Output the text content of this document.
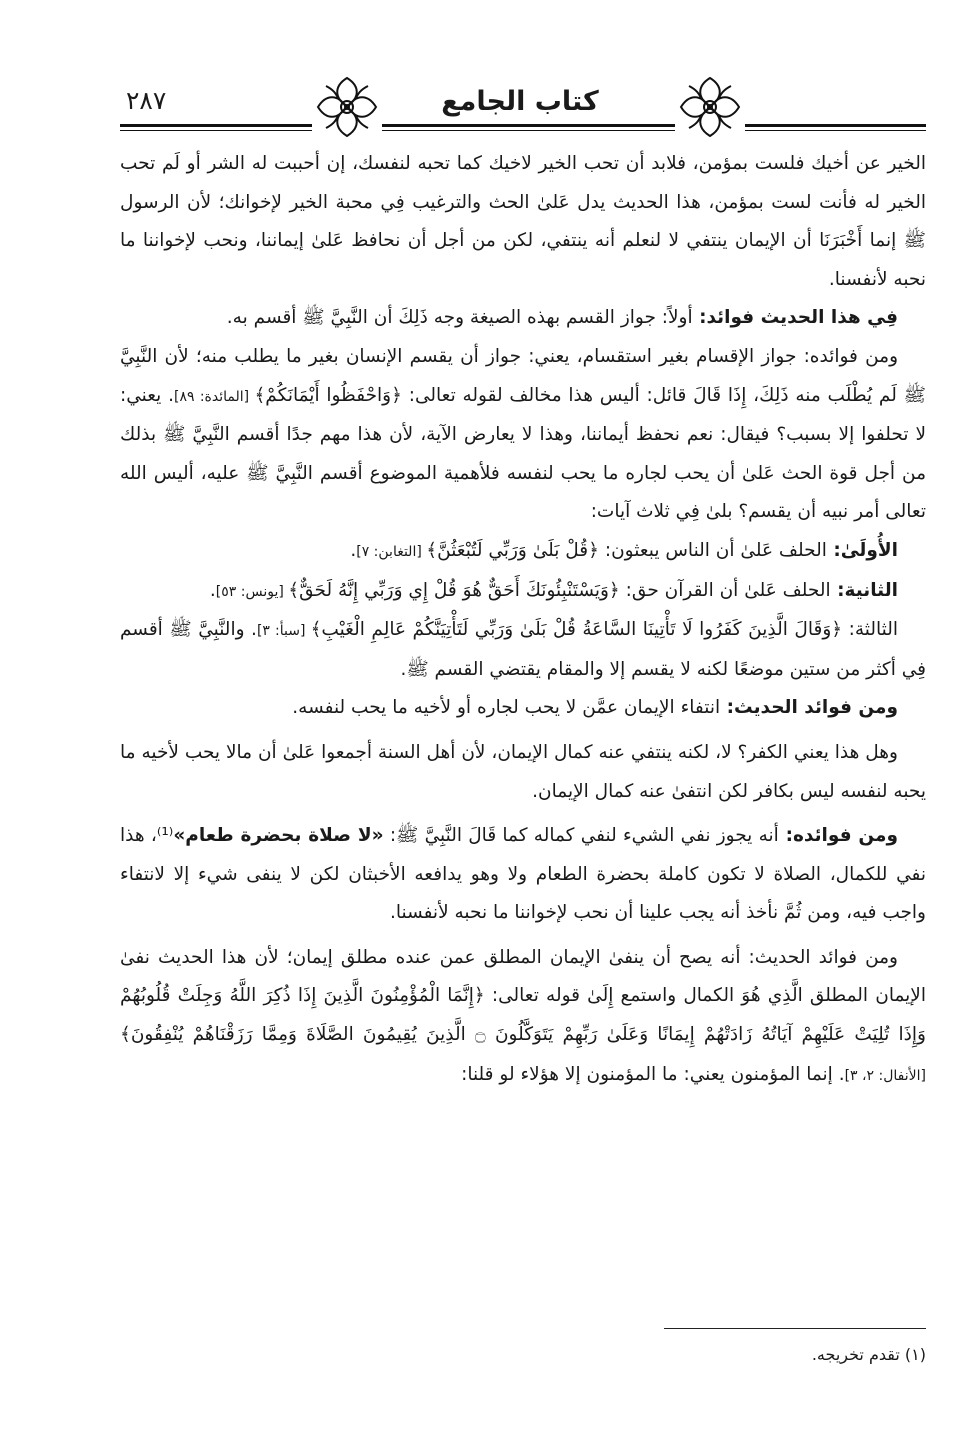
٢٨٧	كتاب الجامع

الخير عن أخيك فلست بمؤمن، فلابد أن تحب الخير لاخيك كما تحبه لنفسك، إن أحببت له الشر أو لَم تحب الخير له فأنت لست بمؤمن، هذا الحديث يدل عَلىٰ الحث والترغيب فِي محبة الخير لإخوانك؛ لأن الرسول ﷺ إنما أَخْبَرَنَا أن الإيمان ينتفي لا لنعلم أنه ينتفي، لكن من أجل أن نحافظ عَلىٰ إيماننا، ونحب لإخواننا ما نحبه لأنفسنا.

فِي هذا الحديث فوائد: أولاً: جواز القسم بهذه الصيغة وجه ذَلِكَ أن النَّبِيَّ ﷺ أقسم به.

ومن فوائده: جواز الإقسام بغير استقسام، يعني: جواز أن يقسم الإنسان بغير ما يطلب منه؛ لأن النَّبِيَّ ﷺ لَم يُطْلَب منه ذَلِكَ، إِذَا قَالَ قائل: أليس هذا مخالف لقوله تعالى: ﴿وَاحْفَظُوا أَيْمَانَكُمْ﴾ [المائدة: ٨٩]. يعني: لا تحلفوا إلا بسبب؟ فيقال: نعم نحفظ أيماننا، وهذا لا يعارض الآية، لأن هذا مهم جدًا أقسم النَّبِيَّ ﷺ بذلك من أجل قوة الحث عَلىٰ أن يحب لجاره ما يحب لنفسه فلأهمية الموضوع أقسم النَّبِيَّ ﷺ عليه، أليس الله تعالى أمر نبيه أن يقسم؟ بلىٰ فِي ثلاث آيات:

الأُولَىٰ: الحلف عَلىٰ أن الناس يبعثون: ﴿قُلْ بَلَىٰ وَرَبِّي لَتُبْعَثُنَّ﴾ [التغابن: ٧].

الثانية: الحلف عَلىٰ أن القرآن حق: ﴿وَيَسْتَنْبِئُونَكَ أَحَقٌّ هُوَ قُلْ إِي وَرَبِّي إِنَّهُ لَحَقٌّ﴾ [يونس: ٥٣].

الثالثة: ﴿وَقَالَ الَّذِينَ كَفَرُوا لَا تَأْتِينَا السَّاعَةُ قُلْ بَلَىٰ وَرَبِّي لَتَأْتِيَنَّكُمْ عَالِمِ الْغَيْبِ﴾ [سبأ: ٣]. والنَّبِيَّ ﷺ أقسم فِي أكثر من ستين موضعًا لكنه لا يقسم إلا والمقام يقتضي القسم ﷺ.

ومن فوائد الحديث: انتفاء الإيمان عمَّن لا يحب لجاره أو لأخيه ما يحب لنفسه.

وهل هذا يعني الكفر؟ لا، لكنه ينتفي عنه كمال الإيمان، لأن أهل السنة أجمعوا عَلىٰ أن مالا يحب لأخيه ما يحبه لنفسه ليس بكافر لكن انتفىٰ عنه كمال الإيمان.

ومن فوائده: أنه يجوز نفي الشيء لنفي كماله كما قَالَ النَّبِيَّ ﷺ: «لا صلاة بحضرة طعام»⁽¹⁾، هذا نفي للكمال، الصلاة لا تكون كاملة بحضرة الطعام ولا وهو يدافعه الأخبثان لكن لا ينفى شيء إلا لانتفاء واجب فيه، ومن ثُمَّ نأخذ أنه يجب علينا أن نحب لإخواننا ما نحبه لأنفسنا.

ومن فوائد الحديث: أنه يصح أن ينفىٰ الإيمان المطلق عمن عنده مطلق إيمان؛ لأن هذا الحديث نفىٰ الإيمان المطلق الَّذِي هُوَ الكمال واستمع إِلَىٰ قوله تعالى: ﴿إِنَّمَا الْمُؤْمِنُونَ الَّذِينَ إِذَا ذُكِرَ اللَّهُ وَجِلَتْ قُلُوبُهُمْ وَإِذَا تُلِيَتْ عَلَيْهِمْ آيَاتُهُ زَادَتْهُمْ إِيمَانًا وَعَلَىٰ رَبِّهِمْ يَتَوَكَّلُونَ ۝ الَّذِينَ يُقِيمُونَ الصَّلَاةَ وَمِمَّا رَزَقْنَاهُمْ يُنْفِقُونَ﴾ [الأنفال: ٢، ٣]. إنما المؤمنون يعني: ما المؤمنون إلا هؤلاء لو قلنا:

(١) تقدم تخريجه.
